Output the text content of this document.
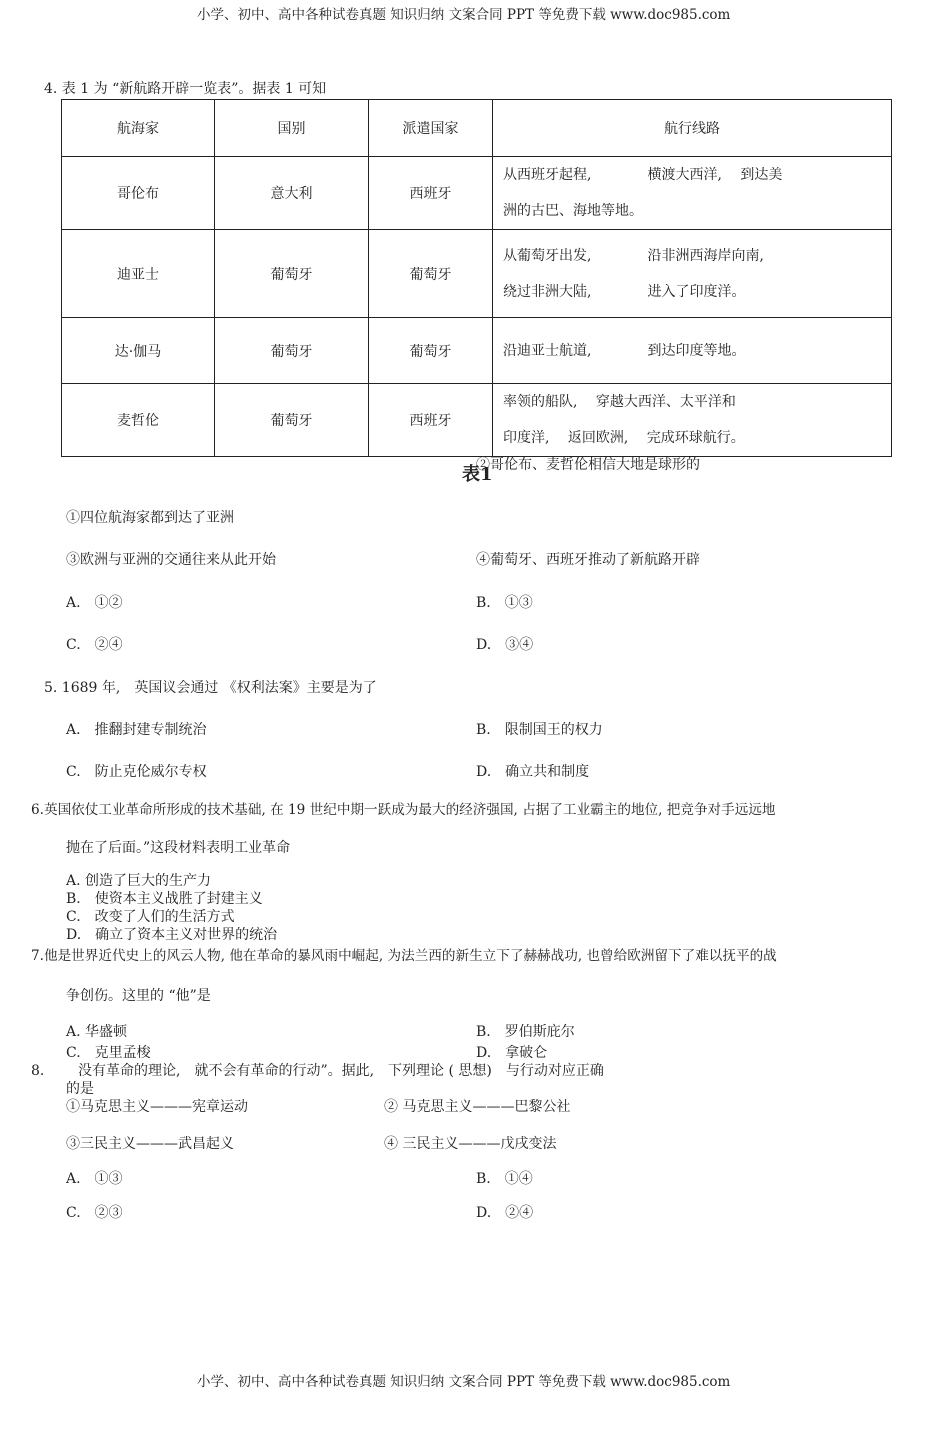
小学、初中、高中各种试卷真题 知识归纳 文案合同 PPT 等免费下载 www.doc985.com
4. 表 1 为 “新航路开辟一览表”。据表 1 可知
航海家	国别	派遣国家	航行线路
哥伦布	意大利	西班牙	从西班牙起程,　　　　横渡大西洋,　 到达美
洲的古巴、海地等地。

迪亚士	葡萄牙	葡萄牙	从葡萄牙出发,　　　　沿非洲西海岸向南,
绕过非洲大陆,　　　　进入了印度洋。

达·伽马	葡萄牙	葡萄牙	沿迪亚士航道,　　　　到达印度等地。

麦哲伦	葡萄牙	西班牙	率领的船队,　 穿越大西洋、太平洋和
印度洋,　 返回欧洲,　 完成环球航行。
表1
②哥伦布、麦哲伦相信大地是球形的
①四位航海家都到达了亚洲
③欧洲与亚洲的交通往来从此开始	④葡萄牙、西班牙推动了新航路开辟
A.　①②	B.　①③
C.　②④	D.　③④
5. 1689 年,　英国议会通过 《权利法案》主要是为了
A.　推翻封建专制统治	B.　限制国王的权力
C.　防止克伦威尔专权	D.　确立共和制度
6.英国依仗工业革命所形成的技术基础, 在 19 世纪中期一跃成为最大的经济强国, 占据了工业霸主的地位, 把竞争对手远远地
抛在了后面。”这段材料表明工业革命
A. 创造了巨大的生产力
B.　使资本主义战胜了封建主义
C.　改变了人们的生活方式
D.　确立了资本主义对世界的统治
7.他是世界近代史上的风云人物, 他在革命的暴风雨中崛起, 为法兰西的新生立下了赫赫战功, 也曾给欧洲留下了难以抚平的战
争创伤。这里的 “他”是
A. 华盛顿	B.　罗伯斯庇尔
C.　克里孟梭	D.　拿破仑
8. 没有革命的理论,　就不会有革命的行动”。据此,　下列理论 ( 思想)　与行动对应正确
的是
①马克思主义———宪章运动	② 马克思主义———巴黎公社
③三民主义———武昌起义	④ 三民主义———戊戌变法
A.　①③	B.　①④
C.　②③	D.　②④
小学、初中、高中各种试卷真题 知识归纳 文案合同 PPT 等免费下载 www.doc985.com
